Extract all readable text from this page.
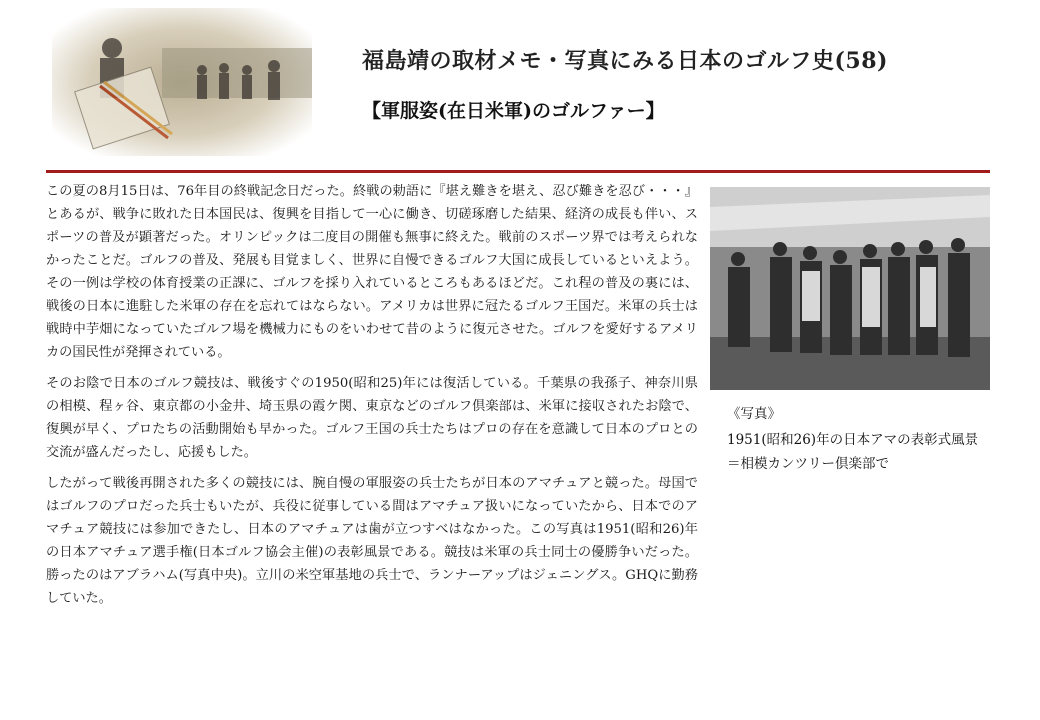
福島靖の取材メモ・写真にみる日本のゴルフ史(58)
【軍服姿(在日米軍)のゴルファー】

この夏の8月15日は、76年目の終戦記念日だった。終戦の勅語に『堪え難きを堪え、忍び難きを忍び・・・』とあるが、戦争に敗れた日本国民は、復興を目指して一心に働き、切磋琢磨した結果、経済の成長も伴い、スポーツの普及が顕著だった。オリンピックは二度目の開催も無事に終えた。戦前のスポーツ界では考えられなかったことだ。ゴルフの普及、発展も目覚ましく、世界に自慢できるゴルフ大国に成長しているといえよう。その一例は学校の体育授業の正課に、ゴルフを採り入れているところもあるほどだ。これ程の普及の裏には、戦後の日本に進駐した米軍の存在を忘れてはならない。アメリカは世界に冠たるゴルフ王国だ。米軍の兵士は戦時中芋畑になっていたゴルフ場を機械力にものをいわせて昔のように復元させた。ゴルフを愛好するアメリカの国民性が発揮されている。

そのお陰で日本のゴルフ競技は、戦後すぐの1950(昭和25)年には復活している。千葉県の我孫子、神奈川県の相模、程ヶ谷、東京都の小金井、埼玉県の霞ケ関、東京などのゴルフ倶楽部は、米軍に接収されたお陰で、復興が早く、プロたちの活動開始も早かった。ゴルフ王国の兵士たちはプロの存在を意識して日本のプロとの交流が盛んだったし、応援もした。

したがって戦後再開された多くの競技には、腕自慢の軍服姿の兵士たちが日本のアマチュアと競った。母国ではゴルフのプロだった兵士もいたが、兵役に従事している間はアマチュア扱いになっていたから、日本でのアマチュア競技には参加できたし、日本のアマチュアは歯が立つすべはなかった。この写真は1951(昭和26)年の日本アマチュア選手権(日本ゴルフ協会主催)の表彰風景である。競技は米軍の兵士同士の優勝争いだった。勝ったのはアブラハム(写真中央)。立川の米空軍基地の兵士で、ランナーアップはジェニングス。GHQに勤務していた。

《写真》
1951(昭和26)年の日本アマの表彰式風景＝相模カンツリー倶楽部で
